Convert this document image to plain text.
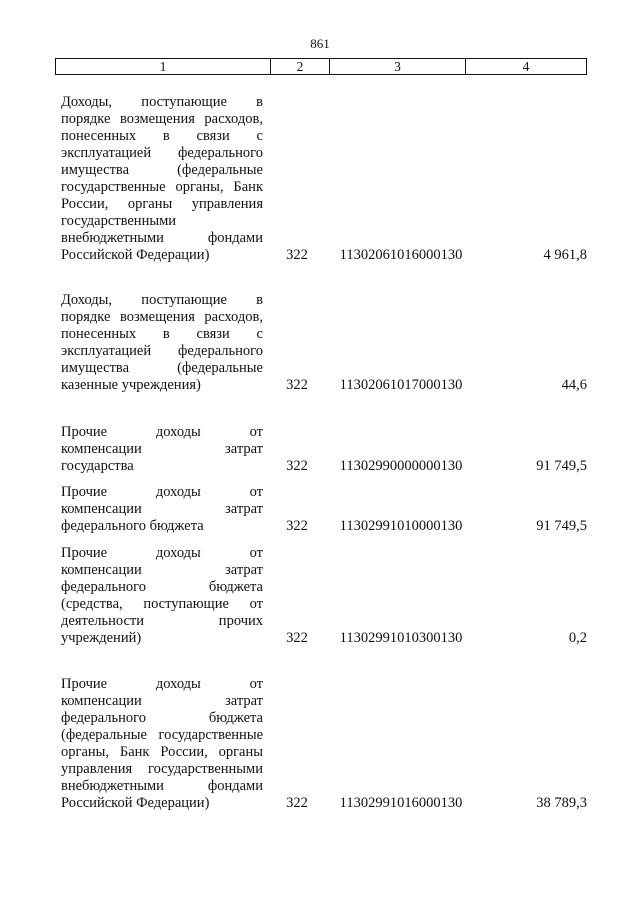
861
1	2	3	4
Доходы, поступающие в
порядке возмещения расходов,
понесенных в связи с
эксплуатацией федерального
имущества (федеральные
государственные органы, Банк
России, органы управления
государственными
внебюджетными фондами
Российской Федерации)	322	11302061016000130	4 961,8
Доходы, поступающие в
порядке возмещения расходов,
понесенных в связи с
эксплуатацией федерального
имущества (федеральные
казенные учреждения)	322	11302061017000130	44,6
Прочие доходы от
компенсации затрат
государства	322	11302990000000130	91 749,5
Прочие доходы от
компенсации затрат
федерального бюджета	322	11302991010000130	91 749,5
Прочие доходы от
компенсации затрат
федерального бюджета
(средства, поступающие от
деятельности прочих
учреждений)	322	11302991010300130	0,2
Прочие доходы от
компенсации затрат
федерального бюджета
(федеральные государственные
органы, Банк России, органы
управления государственными
внебюджетными фондами
Российской Федерации)	322	11302991016000130	38 789,3
